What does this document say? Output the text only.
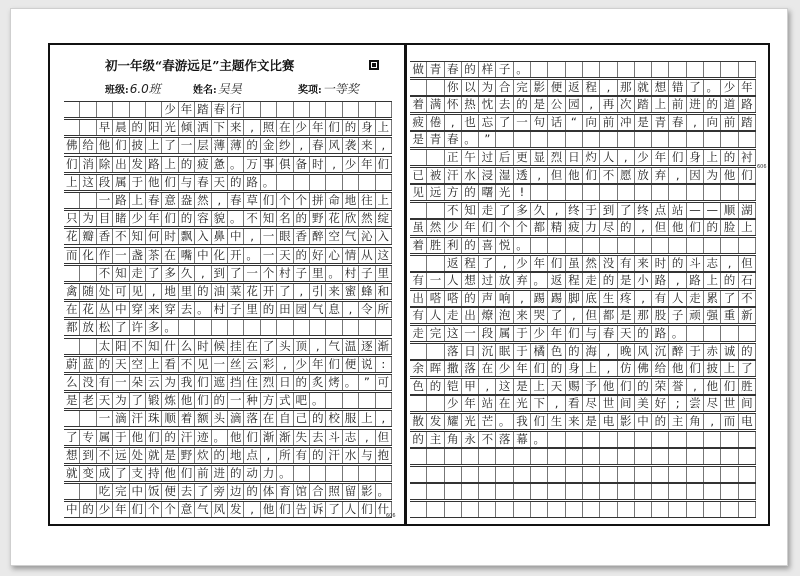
初一年级“春游远足”主题作文比赛
班级:6.0班	姓名:吴昊	奖项:一等奖
少 年 踏 春 行
早 晨 的 阳 光 倾 洒 下 来 , 照 在 少 年 们 的 身 上
佛 给 他 们 披 上 了 一 层 薄 薄 的 金 纱 , 春 风 袭 来 ,
们 消 除 出 发 路 上 的 疲 惫 。 万 事 俱 备 时 , 少 年 们
上 这 段 属 于 他 们 与 春 天 的 路 。
一 路 上 春 意 盎 然 , 春 草 们 个 个 拼 命 地 往 上
只 为 目 睹 少 年 们 的 容 貌 。 不 知 名 的 野 花 欣 然 绽
花 瓣 香 不 知 何 时 飘 入 鼻 中 , 一 眼 香 醉 空 气 沁 入
而 化 作 一 盏 茶 在 嘴 中 化 开 。 一 天 的 好 心 情 从 这
不 知 走 了 多 久 , 到 了 一 个 村 子 里 。 村 子 里
禽 随 处 可 见 , 地 里 的 油 菜 花 开 了 , 引 来 蜜 蜂 和
在 花 丛 中 穿 来 穿 去 。 村 子 里 的 田 园 气 息 , 令 所
都 放 松 了 许 多 。
太 阳 不 知 什 么 时 候 挂 在 了 头 顶 , 气 温 逐 渐
蔚 蓝 的 天 空 上 看 不 见 一 丝 云 彩 , 少 年 们 便 说 :
么 没 有 一 朵 云 为 我 们 遮 挡 住 烈 日 的 炙 烤 。 ” 可
是 老 天 为 了 锻 炼 他 们 的 一 种 方 式 吧 。
一 滴 汗 珠 顺 着 额 头 滴 落 在 自 己 的 校 服 上 ,
了 专 属 于 他 们 的 汗 迹 。 他 们 渐 渐 失 去 斗 志 , 但
想 到 不 远 处 就 是 野 炊 的 地 点 , 所 有 的 汗 水 与 抱
就 变 成 了 支 持 他 们 前 进 的 动 力 。
吃 完 中 饭 便 去 了 旁 边 的 体 育 馆 合 照 留 影 。
中 的 少 年 们 个 个 意 气 风 发 , 他 们 告 诉 了 人 们 什
做 青 春 的 样 子 。
你 以 为 合 完 影 便 返 程 , 那 就 想 错 了 。 少 年
着 满 怀 热 忱 去 的 是 公 园 , 再 次 踏 上 前 进 的 道 路
疲 倦 , 也 忘 了 一 句 话 “ 向 前 冲 是 青 春 , 向 前 踏
是 青 春 。 ”
正 午 过 后 更 显 烈 日 灼 人 , 少 年 们 身 上 的 衬
已 被 汗 水 浸 湿 透 , 但 他 们 不 愿 放 弃 , 因 为 他 们
见 远 方 的 曙 光 !
不 知 走 了 多 久 , 终 于 到 了 终 点 站 — — 顺 湖
虽 然 少 年 们 个 个 都 精 疲 力 尽 的 , 但 他 们 的 脸 上
着 胜 利 的 喜 悦 。
返 程 了 , 少 年 们 虽 然 没 有 来 时 的 斗 志 , 但
有 一 人 想 过 放 弃 。 返 程 走 的 是 小 路 , 路 上 的 石
出 嗒 嗒 的 声 响 , 踢 踢 脚 底 生 疼 , 有 人 走 累 了 不
有 人 走 出 燎 泡 来 哭 了 , 但 都 是 那 股 子 顽 强 重 新
走 完 这 一 段 属 于 少 年 们 与 春 天 的 路 。
落 日 沉 眠 于 橘 色 的 海 , 晚 风 沉 醉 于 赤 诚 的
余 晖 撒 落 在 少 年 们 的 身 上 , 仿 佛 给 他 们 披 上 了
色 的 铠 甲 , 这 是 上 天 赐 予 他 们 的 荣 誉 , 他 们 胜
少 年 站 在 光 下 , 看 尽 世 间 美 好 ; 尝 尽 世 间
散 发 耀 光 芒 。 我 们 生 来 是 电 影 中 的 主 角 , 而 电
的 主 角 永 不 落 幕 。
606
606
